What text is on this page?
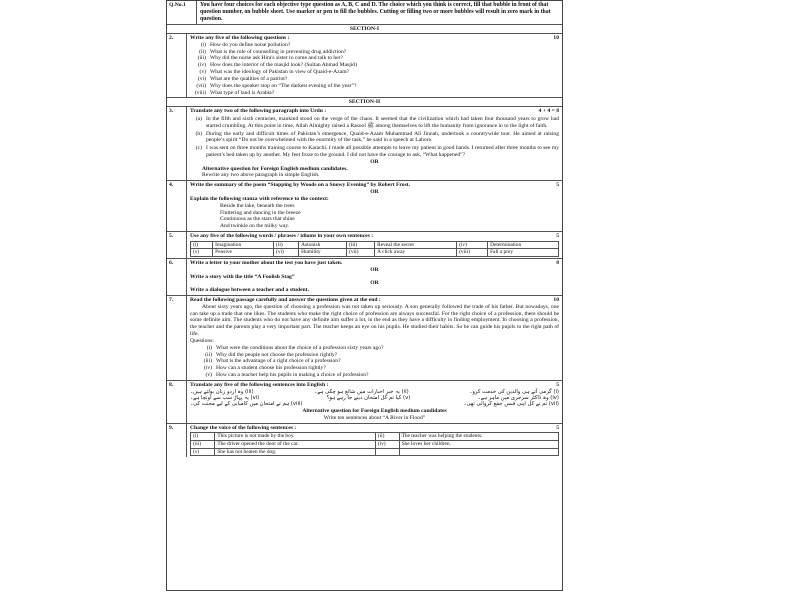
Q.No.1	You have four choices for each objective type question as A, B, C and D. The choice which you think is correct, fill that bubble in front of that question number, on bubble sheet. Use marker or pen to fill the bubbles. Cutting or filling two or more bubbles will result in zero mark in that question.
SECTION-I
2.	Write any five of the following questions :	10
(i) How do you define noise pollution?
(ii) What is the role of counselling in preventing drug addiction?
(iii) Why did the nurse ask Hira's sister to come and talk to her?
(iv) How does the interior of the masjid look? (Sultan Ahmad Masjid)
(v) What was the ideology of Pakistan in view of Quaid-e-Azam?
(vi) What are the qualities of a patriot?
(vii) Why does the speaker stop on “The darkest evening of the year”?
(viii) What type of land is Arabia?
SECTION-II
3.	Translate any two of the following paragraph into Urdu :	4 + 4 = 8
(a) In the fifth and sixth centuries, mankind stood on the verge of the chaos. It seemed that the civilization which had taken four thousand years to grow had started crumbling. At this point in time, Allah Almighty raised a Rasool ﷺ among themselves to lift the humanity from ignorance in to the light of faith.
(b) During the early and difficult times of Pakistan’s emergence, Quaid-e-Azam Muhammad Ali Jinnah, undertook a countrywide tour. He aimed at raising people’s spirit “Do not be overwhelmed with the enormity of the task,” he said in a speech at Lahore.
(c) I was sent on three months training course to Karachi. I made all possible attempts to leave my patient in good hands. I returned after three months to see my patient’s bed taken up by another. My feet froze to the ground. I did not have the courage to ask, “What happened”?
OR
Alternative question for Foreign English medium candidates.
Rewrite any two above paragraph in simple English.
4.	Write the summary of the poem “Stopping by Woods on a Snowy Evening” by Robert Frost.	5
OR
Explain the following stanza with reference to the context:
Beside the lake, beneath the trees
Fluttering and dancing in the breeze
Continuous as the stars that shine
And twinkle on the milky way.
5.	Use any five of the following words / phrases / idioms in your own sentences :	5
(i)	Imagination	(ii)	Astonish	(iii)	Reveal the secret	(iv)	Determination
(v)	Pensive	(vi)	Humility	(vii)	A click away	(viii)	Fall a prey
6.	Write a letter to your mother about the test you have just taken.	8
OR
Write a story with the title “A Foolish Stag”
OR
Write a dialogue between a teacher and a student.
7.	Read the following passage carefully and answer the questions given at the end :	10
About sixty years ago, the question of choosing a profession was not taken up seriously. A son generally followed the trade of his father. But nowadays, one can take up a trade that one likes. The students who make the right choice of profession are always successful. For the right choice of a profession, there should be some definite aim. The students who do not have any definite aim suffer a lot, in the end as they have a difficulty in finding employment. In choosing a profession, the teacher and the parents play a very important part. The teacher keeps an eye on his pupils. He studied their habits. So he can guide his pupils to the right path of life.
Questions:
(i) What were the conditions about the choice of a profession sixty years ago?
(ii) Why did the people not choose the profession rightly?
(iii) What is the advantage of a right choice of a profession?
(iv) How can a student choose his profession rightly?
(v) How can a teacher help his pupils in making a choice of profession?
8.	Translate any five of the following sentences into English :	5
(i) گرمی آتے ہی والدین کی خدمت کرو۔
(ii) یہ خبر اخبارات میں شائع ہو چکی ہے۔
(iii) وہ اردو زبان بولتے ہیں۔
(iv) وہ ڈاکٹر سرجری میں ماہر ہے۔
(v) کیا تم کل امتحان دینے جا رہے ہو؟
(vi) یہ پہاڑ سب سے اونچا ہے۔
(vii) تم نے کل اپنی فیس جمع کروائی تھی۔
(viii) ہم نے امتحان میں کامیابی کے لیے محنت کی۔
Alternative question for Foreign English medium candidates
Write ten sentences about “A River in Flood”
9.	Change the voice of the following sentences :	5
(i)	This picture is not made by the boy.	(ii)	The teacher was helping the students.
(iii)	The driver opened the door of the car.	(iv)	She loves her children.
(v)	She has not beaten the dog.		
